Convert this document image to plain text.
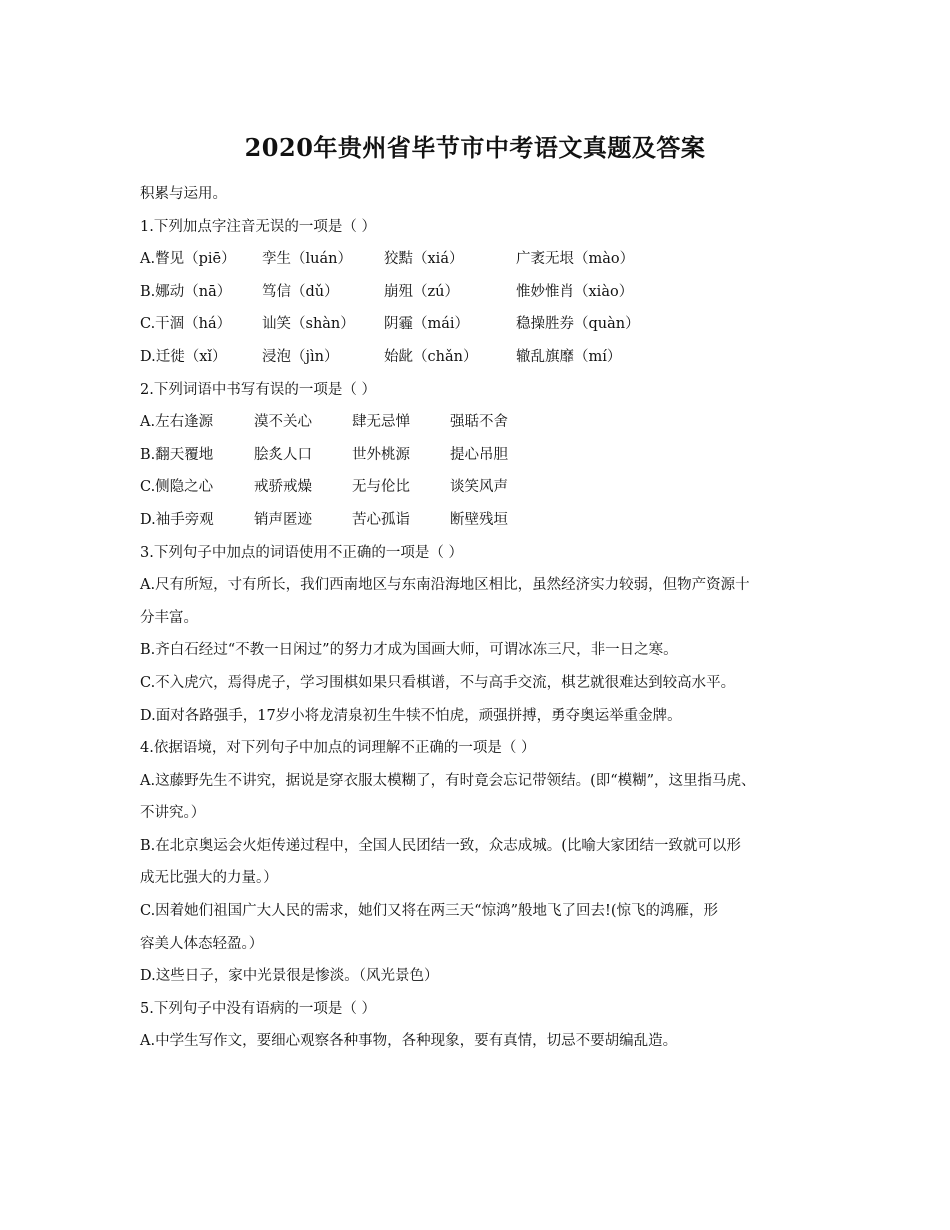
2020年贵州省毕节市中考语文真题及答案
积累与运用。
1.下列加点字注音无误的一项是（ ）
A.瞥见（piē）	孪生（luán）	狡黠（xiá）	广袤无垠（mào）
B.娜动（nā）	笃信（dǔ）	崩殂（zú）	惟妙惟肖（xiào）
C.干涸（há）	讪笑（shàn）	阴霾（mái）	稳操胜券（quàn）
D.迁徙（xǐ）	浸泡（jìn）	始龀（chǎn）	辙乱旗靡（mí）
2.下列词语中书写有误的一项是（ ）
A.左右逢源	漠不关心	肆无忌惮	强聒不舍
B.翻天覆地	脍炙人口	世外桃源	提心吊胆
C.侧隐之心	戒骄戒燥	无与伦比	谈笑风声
D.袖手旁观	销声匿迹	苦心孤诣	断壁残垣
3.下列句子中加点的词语使用不正确的一项是（ ）
A.尺有所短，寸有所长，我们西南地区与东南沿海地区相比，虽然经济实力较弱，但物产资源十
分丰富。
B.齐白石经过“不教一日闲过”的努力才成为国画大师，可谓冰冻三尺，非一日之寒。
C.不入虎穴，焉得虎子，学习围棋如果只看棋谱，不与高手交流，棋艺就很难达到较高水平。
D.面对各路强手，17岁小将龙清泉初生牛犊不怕虎，顽强拼搏，勇夺奥运举重金牌。
4.依据语境，对下列句子中加点的词理解不正确的一项是（ ）
A.这藤野先生不讲究，据说是穿衣服太模糊了，有时竟会忘记带领结。(即“模糊”，这里指马虎、
不讲究。）
B.在北京奥运会火炬传递过程中，全国人民团结一致，众志成城。(比喻大家团结一致就可以形
成无比强大的力量。）
C.因着她们祖国广大人民的需求，她们又将在两三天“惊鸿”般地飞了回去!(惊飞的鸿雁，形
容美人体态轻盈。）
D.这些日子，家中光景很是惨淡。（风光景色）
5.下列句子中没有语病的一项是（ ）
A.中学生写作文，要细心观察各种事物，各种现象，要有真情，切忌不要胡编乱造。
